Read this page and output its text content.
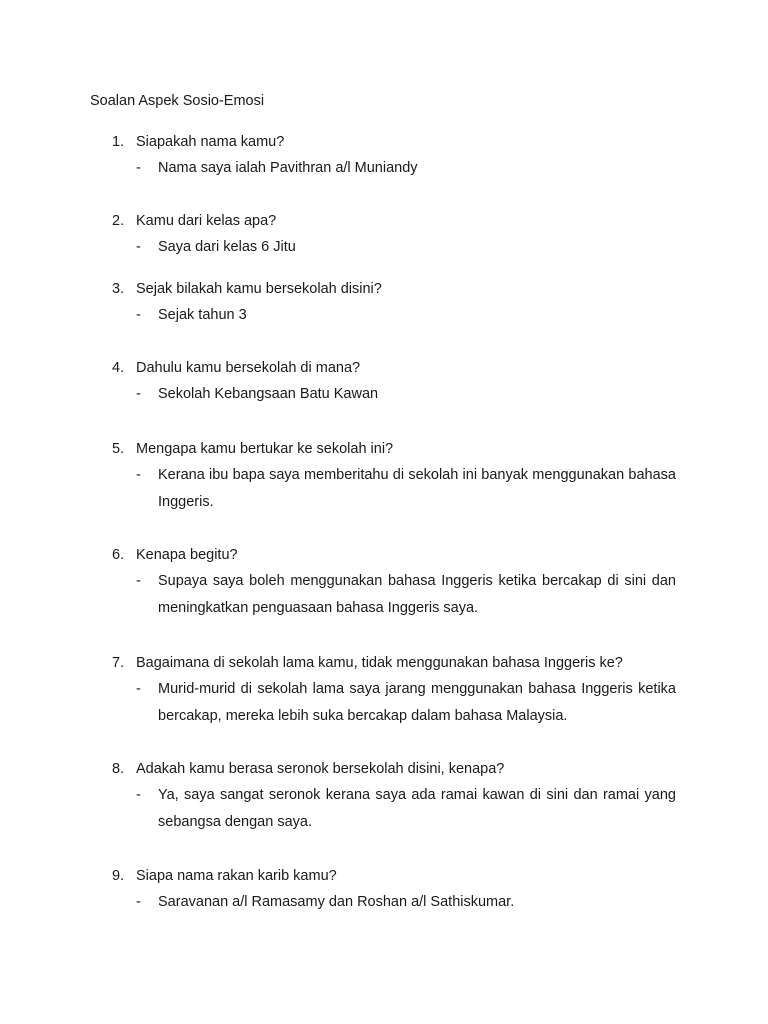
Soalan Aspek Sosio-Emosi
1. Siapakah nama kamu?
-	Nama saya ialah Pavithran a/l Muniandy
2. Kamu dari kelas apa?
-	Saya dari kelas 6 Jitu
3. Sejak bilakah kamu bersekolah disini?
-	Sejak tahun 3
4. Dahulu kamu bersekolah di mana?
-	Sekolah Kebangsaan Batu Kawan
5. Mengapa kamu bertukar ke sekolah ini?
-	Kerana ibu bapa saya memberitahu di sekolah ini banyak menggunakan bahasa Inggeris.
6. Kenapa begitu?
-	Supaya saya boleh menggunakan bahasa Inggeris ketika bercakap di sini dan meningkatkan penguasaan bahasa Inggeris saya.
7. Bagaimana di sekolah lama kamu, tidak menggunakan bahasa Inggeris ke?
-	Murid-murid di sekolah lama saya jarang menggunakan bahasa Inggeris ketika bercakap, mereka lebih suka bercakap dalam bahasa Malaysia.
8. Adakah kamu berasa seronok bersekolah disini, kenapa?
-	Ya, saya sangat seronok kerana saya ada ramai kawan di sini dan ramai yang sebangsa dengan saya.
9. Siapa nama rakan karib kamu?
-	Saravanan a/l Ramasamy dan Roshan a/l Sathiskumar.
